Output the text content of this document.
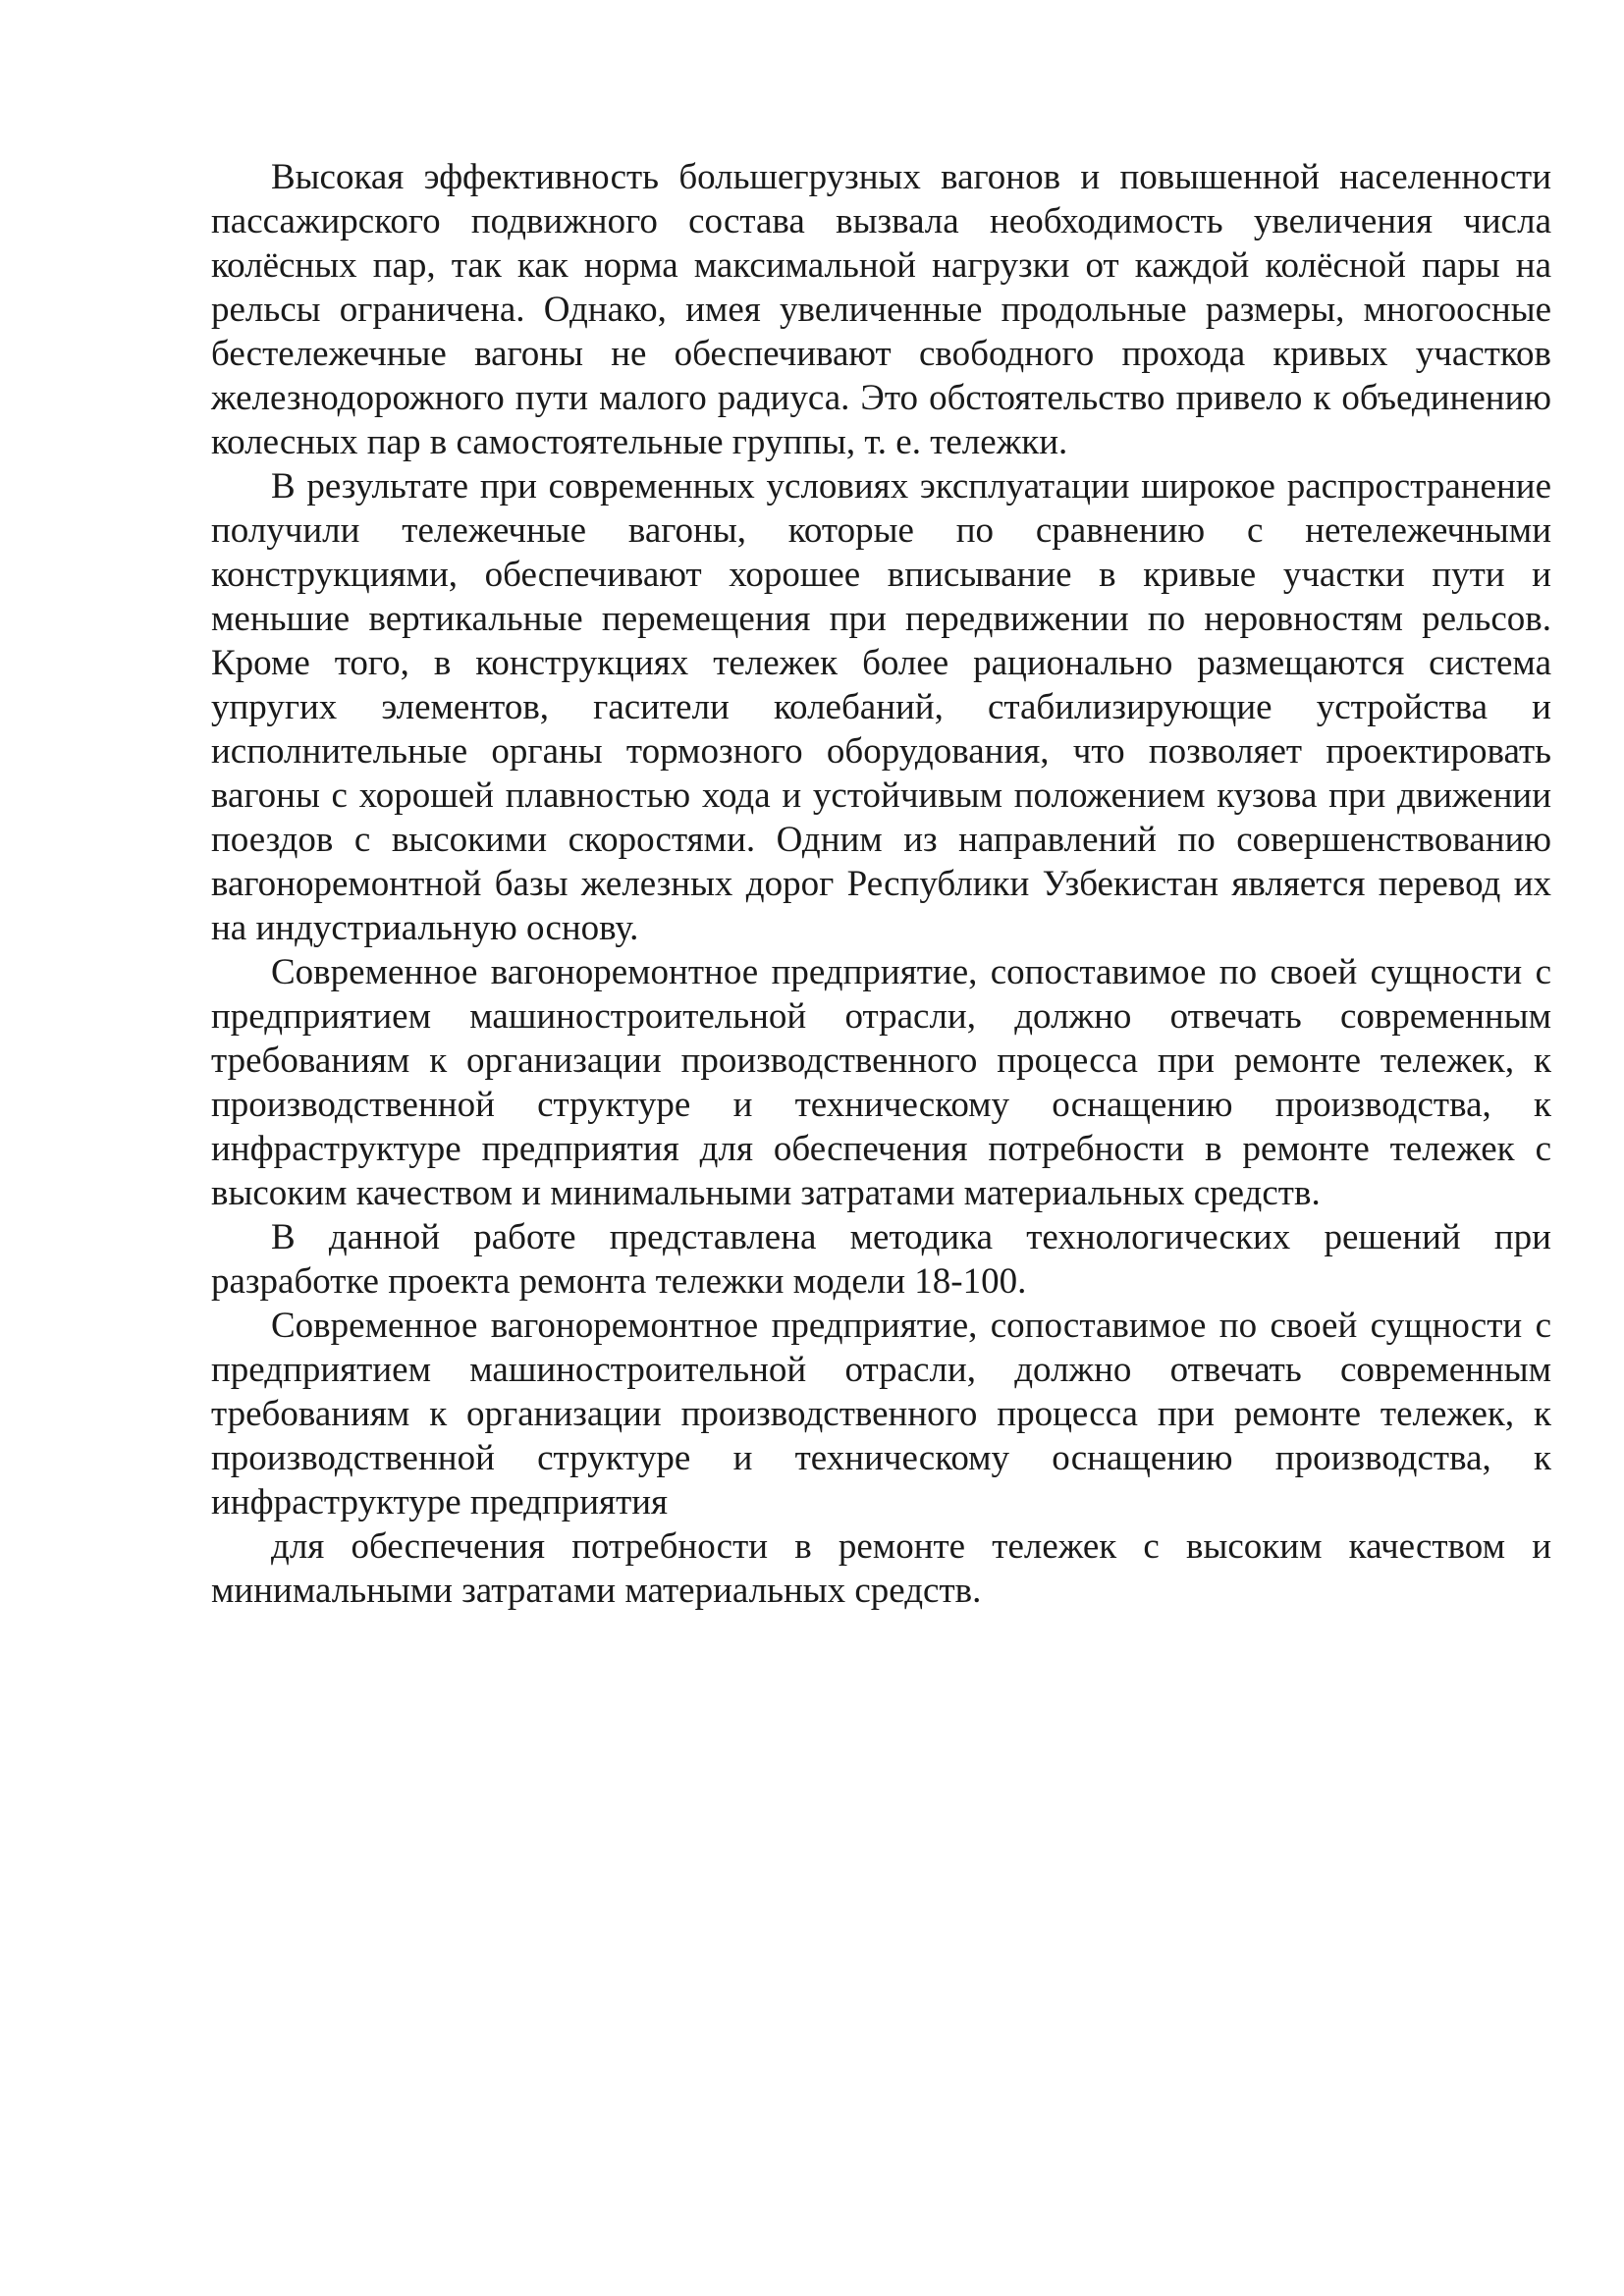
Высокая эффективность большегрузных вагонов и повышенной населенности пассажирского подвижного состава вызвала необходимость увеличения числа колёсных пар, так как норма максимальной нагрузки от каждой колёсной пары на рельсы ограничена. Однако, имея увеличенные продольные размеры, многоосные бестележечные вагоны не обеспечивают свободного прохода кривых участков железнодорожного пути малого радиуса. Это обстоятельство привело к объединению колесных пар в самостоятельные группы, т. е. тележки.

В результате при современных условиях эксплуатации широкое распространение получили тележечные вагоны, которые по сравнению с нетележечными конструкциями, обеспечивают хорошее вписывание в кривые участки пути и меньшие вертикальные перемещения при передвижении по неровностям рельсов. Кроме того, в конструкциях тележек более рационально размещаются система упругих элементов, гасители колебаний, стабилизирующие устройства и исполнительные органы тормозного оборудования, что позволяет проектировать вагоны с хорошей плавностью хода и устойчивым положением кузова при движении поездов с высокими скоростями. Одним из направлений по совершенствованию вагоноремонтной базы железных дорог Республики Узбекистан является перевод их на индустриальную основу.

Современное вагоноремонтное предприятие, сопоставимое по своей сущности с предприятием машиностроительной отрасли, должно отвечать современным требованиям к организации производственного процесса при ремонте тележек, к производственной структуре и техническому оснащению производства, к инфраструктуре предприятия для обеспечения потребности в ремонте тележек с высоким качеством и минимальными затратами материальных средств.

В данной работе представлена методика технологических решений при разработке проекта ремонта тележки модели 18-100.

Современное вагоноремонтное предприятие, сопоставимое по своей сущности с предприятием машиностроительной отрасли, должно отвечать современным требованиям к организации производственного процесса при ремонте тележек, к производственной структуре и техническому оснащению производства, к инфраструктуре предприятия

для обеспечения потребности в ремонте тележек с высоким качеством и минимальными затратами материальных средств.
